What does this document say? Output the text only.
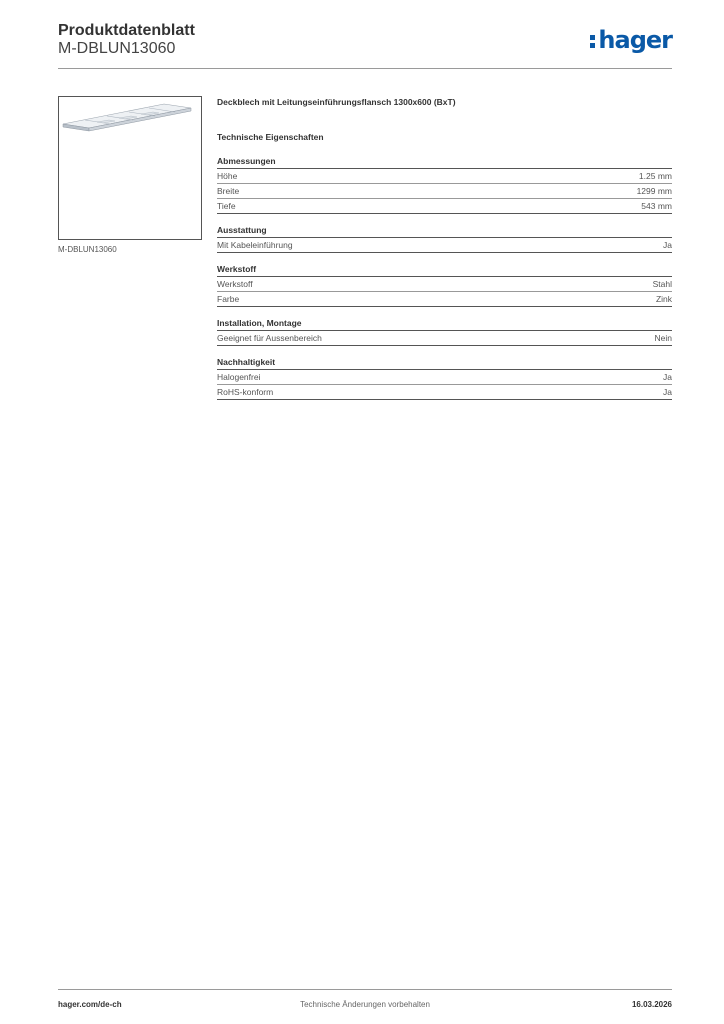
Produktdatenblatt
M-DBLUN13060	hager
M-DBLUN13060
Deckblech mit Leitungseinführungsflansch 1300x600 (BxT)
Technische Eigenschaften
Abmessungen
Höhe	1.25 mm
Breite	1299 mm
Tiefe	543 mm
Ausstattung
Mit Kabeleinführung	Ja
Werkstoff
Werkstoff	Stahl
Farbe	Zink
Installation, Montage
Geeignet für Aussenbereich	Nein
Nachhaltigkeit
Halogenfrei	Ja
RoHS-konform	Ja
Technische Änderungen vorbehalten
hager.com/de-ch	16.03.2026
